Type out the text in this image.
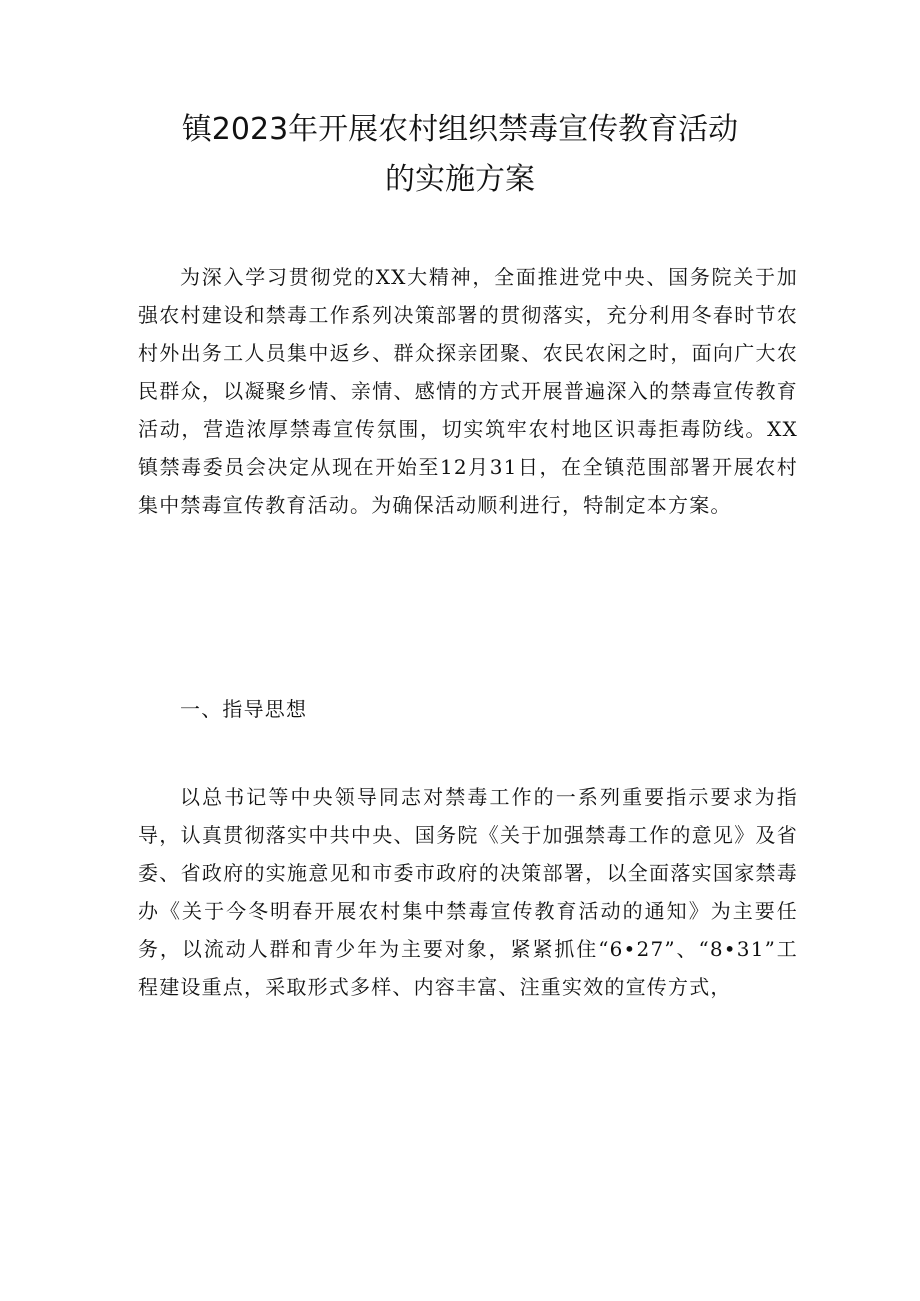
镇2023年开展农村组织禁毒宣传教育活动
的实施方案

为深入学习贯彻党的XX大精神，全面推进党中央、国务院关于加强农村建设和禁毒工作系列决策部署的贯彻落实，充分利用冬春时节农村外出务工人员集中返乡、群众探亲团聚、农民农闲之时，面向广大农民群众，以凝聚乡情、亲情、感情的方式开展普遍深入的禁毒宣传教育活动，营造浓厚禁毒宣传氛围，切实筑牢农村地区识毒拒毒防线。XX镇禁毒委员会决定从现在开始至12月31日，在全镇范围部署开展农村集中禁毒宣传教育活动。为确保活动顺利进行，特制定本方案。

一、指导思想

以总书记等中央领导同志对禁毒工作的一系列重要指示要求为指导，认真贯彻落实中共中央、国务院《关于加强禁毒工作的意见》及省委、省政府的实施意见和市委市政府的决策部署，以全面落实国家禁毒办《关于今冬明春开展农村集中禁毒宣传教育活动的通知》为主要任务，以流动人群和青少年为主要对象，紧紧抓住“6•27”、“8•31”工程建设重点，采取形式多样、内容丰富、注重实效的宣传方式，
